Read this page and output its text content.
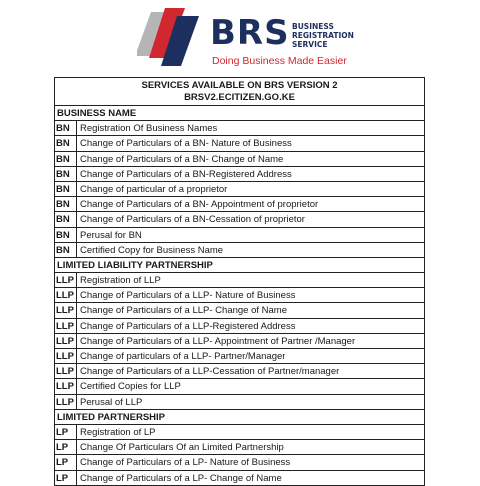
BRS BUSINESS
REGISTRATION
SERVICE
Doing Business Made Easier
SERVICES AVAILABLE ON BRS VERSION 2
BRSV2.ECITIZEN.GO.KE
BUSINESS NAME
BN	Registration Of Business Names
BN	Change of Particulars of a BN- Nature of Business
BN	Change of Particulars of a BN- Change of Name
BN	Change of Particulars of a BN-Registered Address
BN	Change of particular of a proprietor
BN	Change of Particulars of a BN- Appointment of proprietor
BN	Change of Particulars of a BN-Cessation of proprietor
BN	Perusal for BN
BN	Certified Copy for Business Name
LIMITED LIABILITY PARTNERSHIP
LLP Registration of LLP
LLP Change of Particulars of a LLP- Nature of Business
LLP Change of Particulars of a LLP- Change of Name
LLP Change of Particulars of a LLP-Registered Address
LLP Change of Particulars of a LLP- Appointment of Partner /Manager
LLP Change of particulars of a LLP- Partner/Manager
LLP Change of Particulars of a LLP-Cessation of Partner/manager
LLP Certified Copies for LLP
LLP Perusal of LLP
LIMITED PARTNERSHIP
LP	Registration of LP
LP	Change Of Particulars Of an Limited Partnership
LP	Change of Particulars of a LP- Nature of Business
LP	Change of Particulars of a LP- Change of Name
